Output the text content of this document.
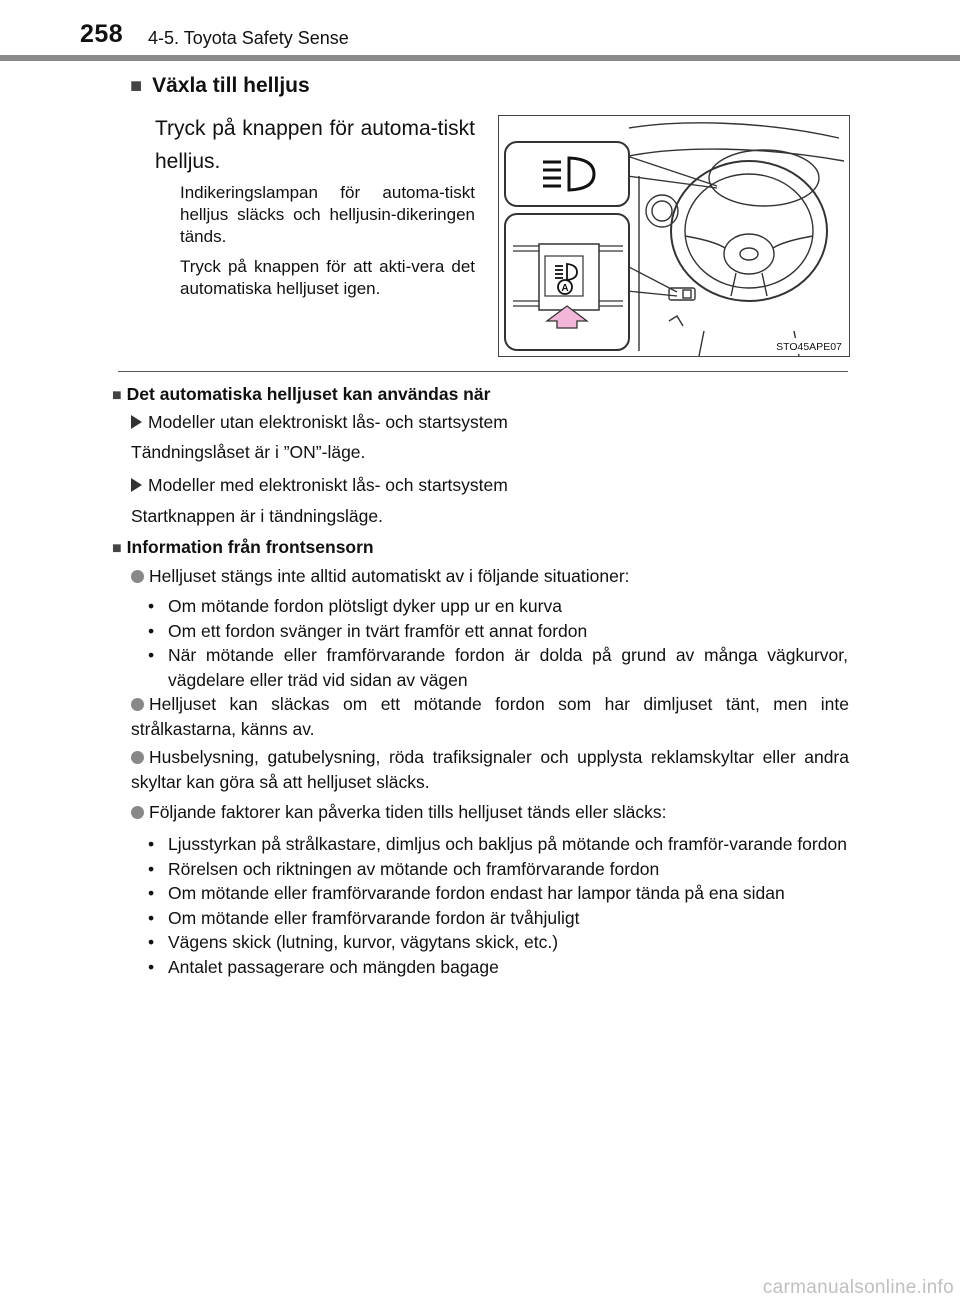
258 4-5. Toyota Safety Sense
■ Växla till helljus
Tryck på knappen för automa-tiskt helljus.
Indikeringslampan för automa-tiskt helljus släcks och helljusin-dikeringen tänds.
Tryck på knappen för att akti-vera det automatiska helljuset igen.	A
STO45APE07
■ Det automatiska helljuset kan användas när
Modeller utan elektroniskt lås- och startsystem
Tändningslåset är i ”ON”-läge.
Modeller med elektroniskt lås- och startsystem
Startknappen är i tändningsläge.
■ Information från frontsensorn
Helljuset stängs inte alltid automatiskt av i följande situationer:
• Om mötande fordon plötsligt dyker upp ur en kurva
• Om ett fordon svänger in tvärt framför ett annat fordon
• När mötande eller framförvarande fordon är dolda på grund av många vägkurvor, vägdelare eller träd vid sidan av vägen
Helljuset kan släckas om ett mötande fordon som har dimljuset tänt, men inte strålkastarna, känns av.
Husbelysning, gatubelysning, röda trafiksignaler och upplysta reklamskyltar eller andra skyltar kan göra så att helljuset släcks.
Följande faktorer kan påverka tiden tills helljuset tänds eller släcks:
• Ljusstyrkan på strålkastare, dimljus och bakljus på mötande och framför-varande fordon
• Rörelsen och riktningen av mötande och framförvarande fordon
• Om mötande eller framförvarande fordon endast har lampor tända på ena sidan
• Om mötande eller framförvarande fordon är tvåhjuligt
• Vägens skick (lutning, kurvor, vägytans skick, etc.)
• Antalet passagerare och mängden bagage
carmanualsonline.info
